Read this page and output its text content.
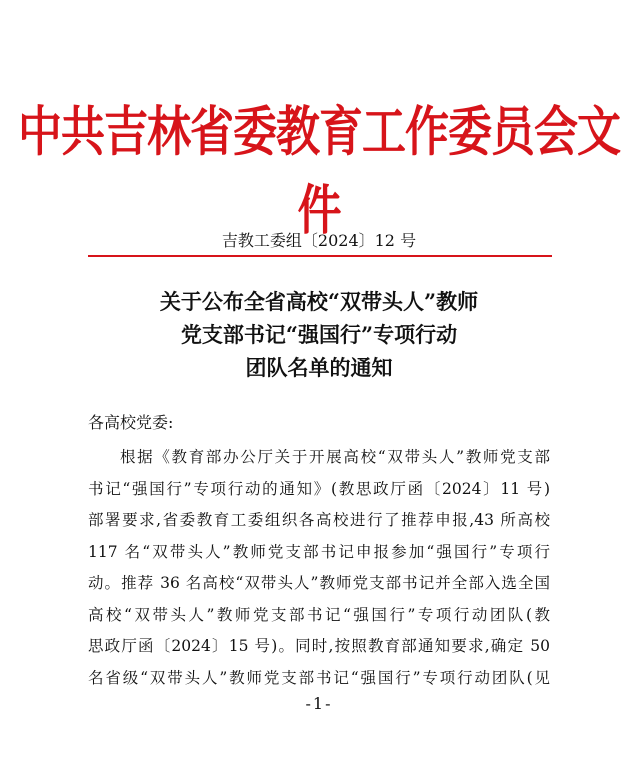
中共吉林省委教育工作委员会文件
吉教工委组〔2024〕12 号
关于公布全省高校“双带头人”教师
党支部书记“强国行”专项行动
团队名单的通知
各高校党委:
根据《教育部办公厅关于开展高校“双带头人”教师党支部
书记“强国行”专项行动的通知》(教思政厅函〔2024〕11 号)
部署要求,省委教育工委组织各高校进行了推荐申报,43 所高校
117 名“双带头人”教师党支部书记申报参加“强国行”专项行
动。推荐 36 名高校“双带头人”教师党支部书记并全部入选全国
高校“双带头人”教师党支部书记“强国行”专项行动团队(教
思政厅函〔2024〕15 号)。同时,按照教育部通知要求,确定 50
名省级“双带头人”教师党支部书记“强国行”专项行动团队(见
-1-
